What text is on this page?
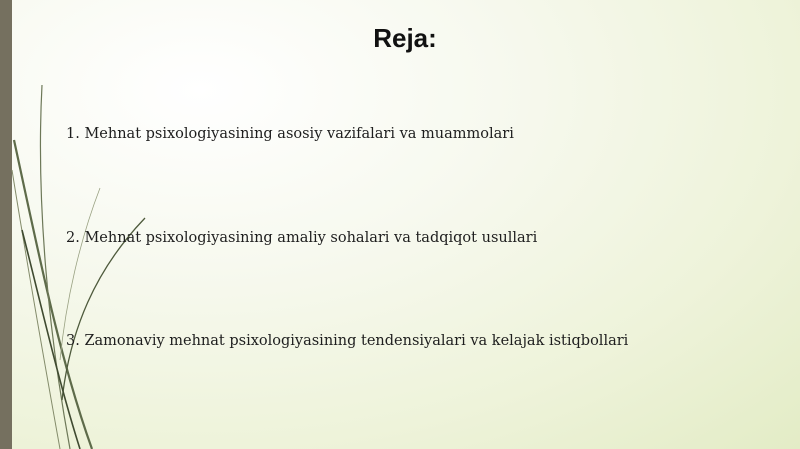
Reja:
1. Mehnat psixologiyasining asosiy vazifalari va muammolari
2. Mehnat psixologiyasining amaliy sohalari va tadqiqot usullari
3. Zamonaviy mehnat psixologiyasining tendensiyalari va kelajak istiqbollari
